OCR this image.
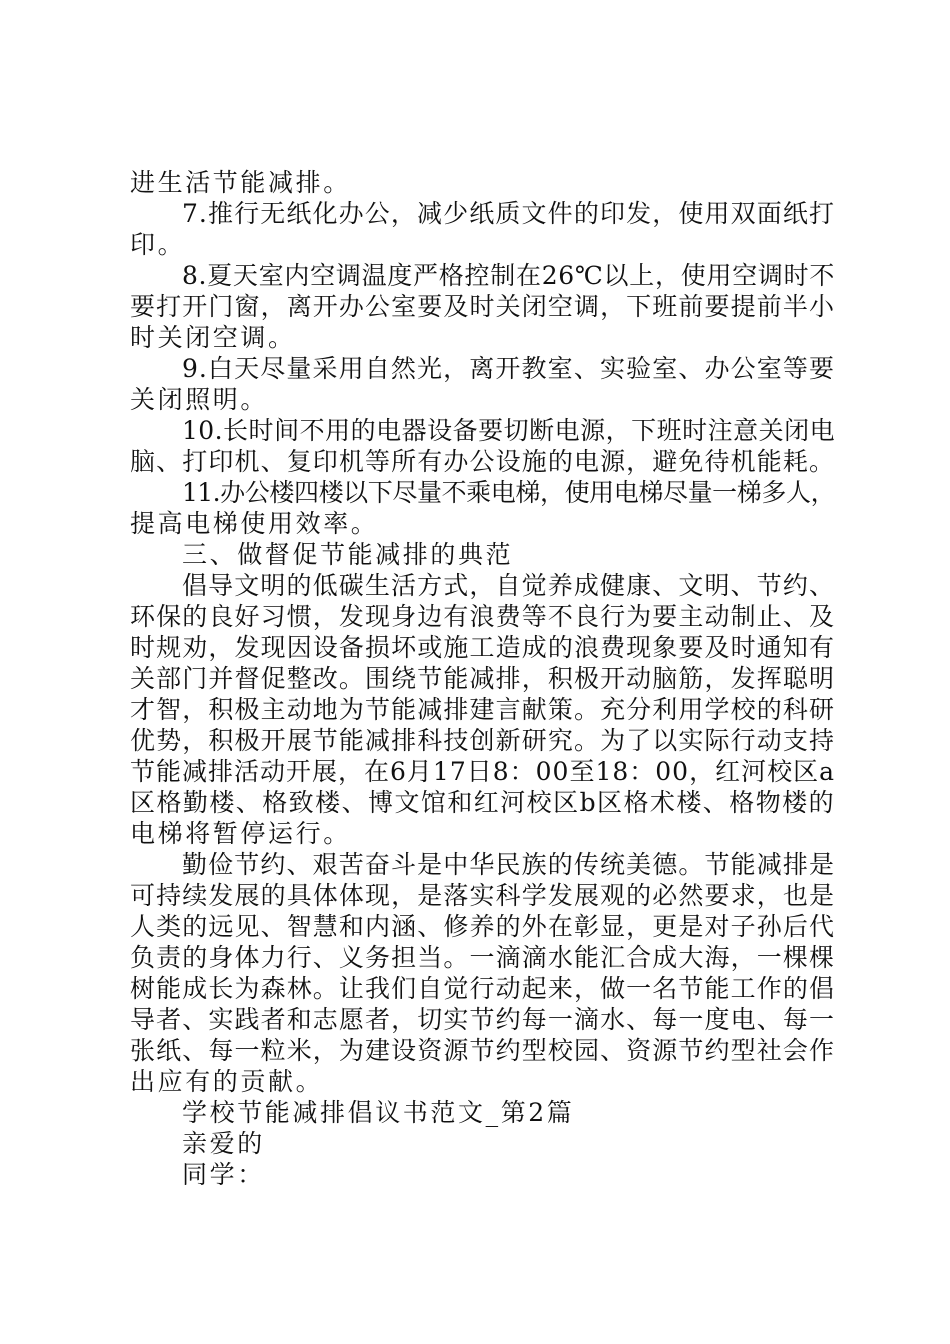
进生活节能减排。
7.推行无纸化办公，减少纸质文件的印发，使用双面纸打
印。
8.夏天室内空调温度严格控制在26℃以上，使用空调时不
要打开门窗，离开办公室要及时关闭空调，下班前要提前半小
时关闭空调。
9.白天尽量采用自然光，离开教室、实验室、办公室等要
关闭照明。
10.长时间不用的电器设备要切断电源，下班时注意关闭电
脑、打印机、复印机等所有办公设施的电源，避免待机能耗。
11.办公楼四楼以下尽量不乘电梯，使用电梯尽量一梯多人，
提高电梯使用效率。
三、做督促节能减排的典范
倡导文明的低碳生活方式，自觉养成健康、文明、节约、
环保的良好习惯，发现身边有浪费等不良行为要主动制止、及
时规劝，发现因设备损坏或施工造成的浪费现象要及时通知有
关部门并督促整改。围绕节能减排，积极开动脑筋，发挥聪明
才智，积极主动地为节能减排建言献策。充分利用学校的科研
优势，积极开展节能减排科技创新研究。为了以实际行动支持
节能减排活动开展，在6月17日8：00至18：00，红河校区a
区格勤楼、格致楼、博文馆和红河校区b区格术楼、格物楼的
电梯将暂停运行。
勤俭节约、艰苦奋斗是中华民族的传统美德。节能减排是
可持续发展的具体体现，是落实科学发展观的必然要求，也是
人类的远见、智慧和内涵、修养的外在彰显，更是对子孙后代
负责的身体力行、义务担当。一滴滴水能汇合成大海，一棵棵
树能成长为森林。让我们自觉行动起来，做一名节能工作的倡
导者、实践者和志愿者，切实节约每一滴水、每一度电、每一
张纸、每一粒米，为建设资源节约型校园、资源节约型社会作
出应有的贡献。
学校节能减排倡议书范文_第2篇
亲爱的
同学：
